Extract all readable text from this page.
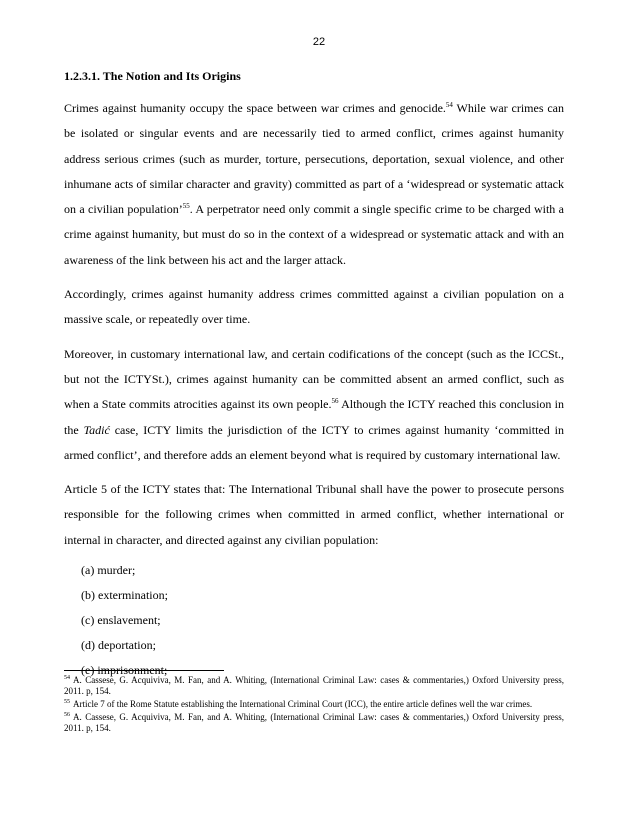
22
1.2.3.1. The Notion and Its Origins

Crimes against humanity occupy the space between war crimes and genocide.$^{54}$ While war crimes can be isolated or singular events and are necessarily tied to armed conflict, crimes against humanity address serious crimes (such as murder, torture, persecutions, deportation, sexual violence, and other inhumane acts of similar character and gravity) committed as part of a ‘widespread or systematic attack on a civilian population’$^{55}$. A perpetrator need only commit a single specific crime to be charged with a crime against humanity, but must do so in the context of a widespread or systematic attack and with an awareness of the link between his act and the larger attack.

Accordingly, crimes against humanity address crimes committed against a civilian population on a massive scale, or repeatedly over time.

Moreover, in customary international law, and certain codifications of the concept (such as the ICCSt., but not the ICTYSt.), crimes against humanity can be committed absent an armed conflict, such as when a State commits atrocities against its own people.$^{56}$ Although the ICTY reached this conclusion in the Tadić case, ICTY limits the jurisdiction of the ICTY to crimes against humanity ‘committed in armed conflict’, and therefore adds an element beyond what is required by customary international law.

Article 5 of the ICTY states that: The International Tribunal shall have the power to prosecute persons responsible for the following crimes when committed in armed conflict, whether international or internal in character, and directed against any civilian population:

(a) murder;
(b) extermination;
(c) enslavement;
(d) deportation;
(e) imprisonment;

$^{54}$ A. Cassese, G. Acquiviva, M. Fan, and A. Whiting, (International Criminal Law: cases & commentaries,) Oxford University press, 2011. p, 154.

$^{55}$ Article 7 of the Rome Statute establishing the International Criminal Court (ICC), the entire article defines well the war crimes.

$^{56}$ A. Cassese, G. Acquiviva, M. Fan, and A. Whiting, (International Criminal Law: cases & commentaries,) Oxford University press, 2011. p, 154.
